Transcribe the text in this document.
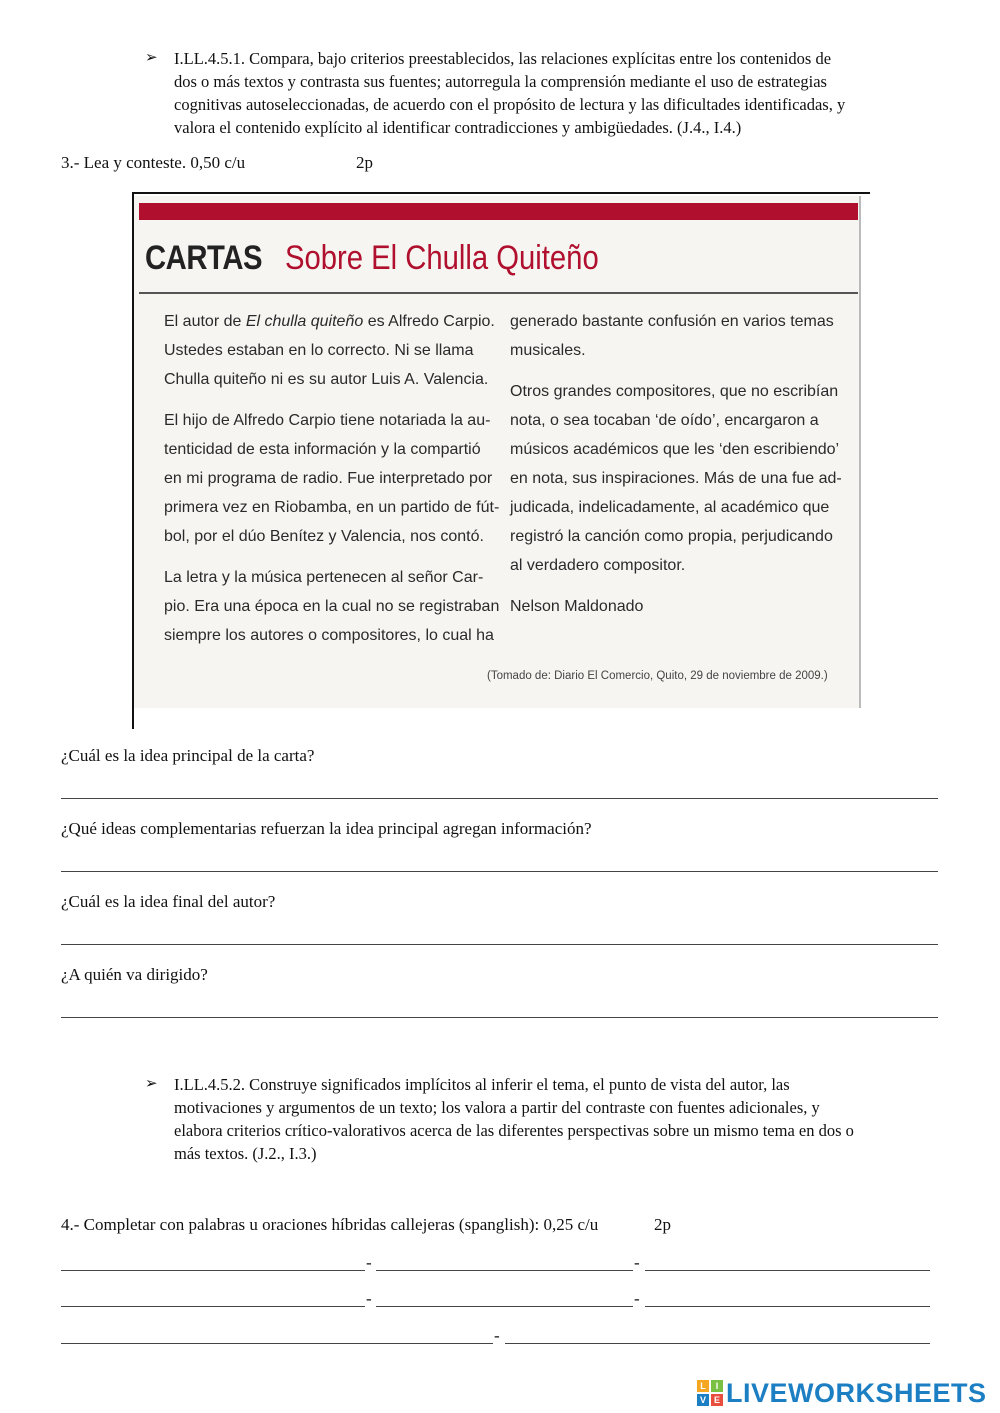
➢ I.LL.4.5.1. Compara, bajo criterios preestablecidos, las relaciones explícitas entre los contenidos de
dos o más textos y contrasta sus fuentes; autorregula la comprensión mediante el uso de estrategias
cognitivas autoseleccionadas, de acuerdo con el propósito de lectura y las dificultades identificadas, y
valora el contenido explícito al identificar contradicciones y ambigüedades. (J.4., I.4.)
3.- Lea y conteste. 0,50 c/u	2p
CARTAS Sobre El Chulla Quiteño

El autor de El chulla quiteño es Alfredo Carpio.

Ustedes estaban en lo correcto. Ni se llama

Chulla quiteño ni es su autor Luis A. Valencia.

El hijo de Alfredo Carpio tiene notariada la au-

tenticidad de esta información y la compartió

en mi programa de radio. Fue interpretado por

primera vez en Riobamba, en un partido de fút-

bol, por el dúo Benítez y Valencia, nos contó.

La letra y la música pertenecen al señor Car-

pio. Era una época en la cual no se registraban

siempre los autores o compositores, lo cual ha

generado bastante confusión en varios temas

musicales.

Otros grandes compositores, que no escribían

nota, o sea tocaban ‘de oído’, encargaron a

músicos académicos que les ‘den escribiendo’

en nota, sus inspiraciones. Más de una fue ad-

judicada, indelicadamente, al académico que

registró la canción como propia, perjudicando

al verdadero compositor.

Nelson Maldonado

(Tomado de: Diario El Comercio, Quito, 29 de noviembre de 2009.)
¿Cuál es la idea principal de la carta?
¿Qué ideas complementarias refuerzan la idea principal agregan información?
¿Cuál es la idea final del autor?
¿A quién va dirigido?
➢ I.LL.4.5.2. Construye significados implícitos al inferir el tema, el punto de vista del autor, las
motivaciones y argumentos de un texto; los valora a partir del contraste con fuentes adicionales, y
elabora criterios crítico-valorativos acerca de las diferentes perspectivas sobre un mismo tema en dos o
más textos. (J.2., I.3.)
4.- Completar con palabras u oraciones híbridas callejeras (spanglish): 0,25 c/u	2p
-	-
-	-
-
L	I
V E LIVEWORKSHEETS
